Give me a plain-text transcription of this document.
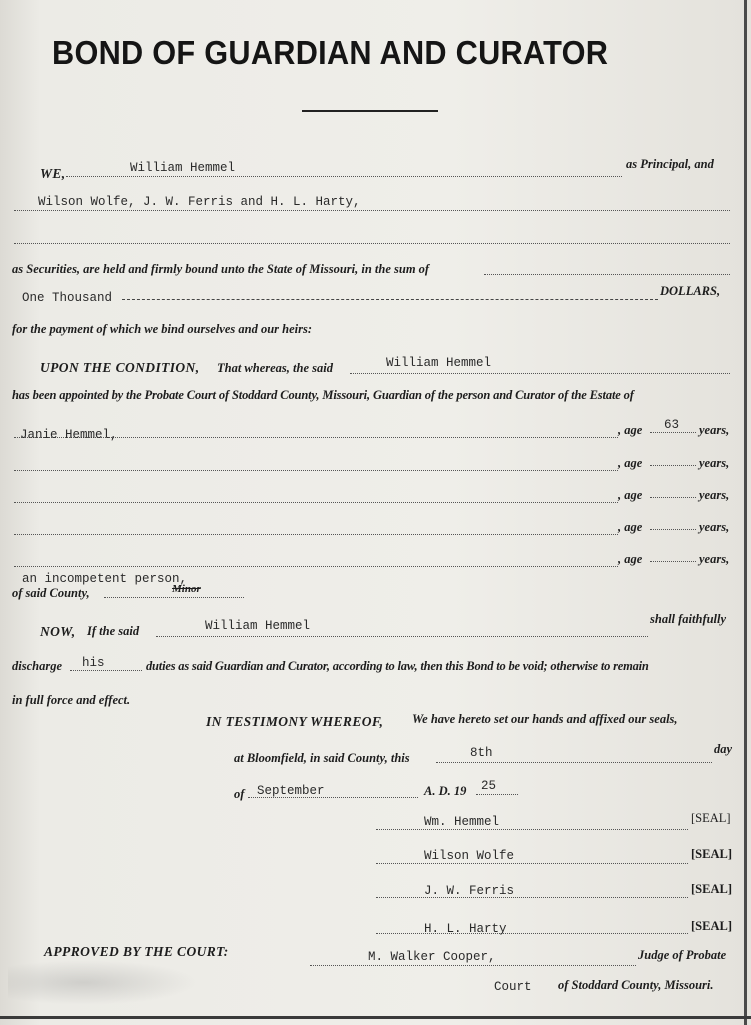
BOND OF GUARDIAN AND CURATOR
WE,	William Hemmel	as Principal, and
Wilson Wolfe, J. W. Ferris and H. L. Harty,
as Securities, are held and firmly bound unto the State of Missouri, in the sum of
One Thousand	DOLLARS,
for the payment of which we bind ourselves and our heirs:
UPON THE CONDITION, That whereas, the said	William Hemmel
has been appointed by the Probate Court of Stoddard County, Missouri, Guardian of the person and Curator of the Estate of
Janie Hemmel,	, age 63 years,
, age	years,
, age	years,
, age	years,
, age	years,
an incompetent person,
of said County,	Minor
NOW, If the said	William Hemmel	shall faithfully
discharge his	duties as said Guardian and Curator, according to law, then this Bond to be void; otherwise to remain
in full force and effect.
IN TESTIMONY WHEREOF, We have hereto set our hands and affixed our seals,
at Bloomfield, in said County, this	8th	day
of September	A. D. 19 25
Wm. Hemmel	[SEAL]
Wilson Wolfe	[SEAL]
J. W. Ferris	[SEAL]
H. L. Harty	[SEAL]
APPROVED BY THE COURT:	M. Walker Cooper,	Judge of Probate
Court of Stoddard County, Missouri.
